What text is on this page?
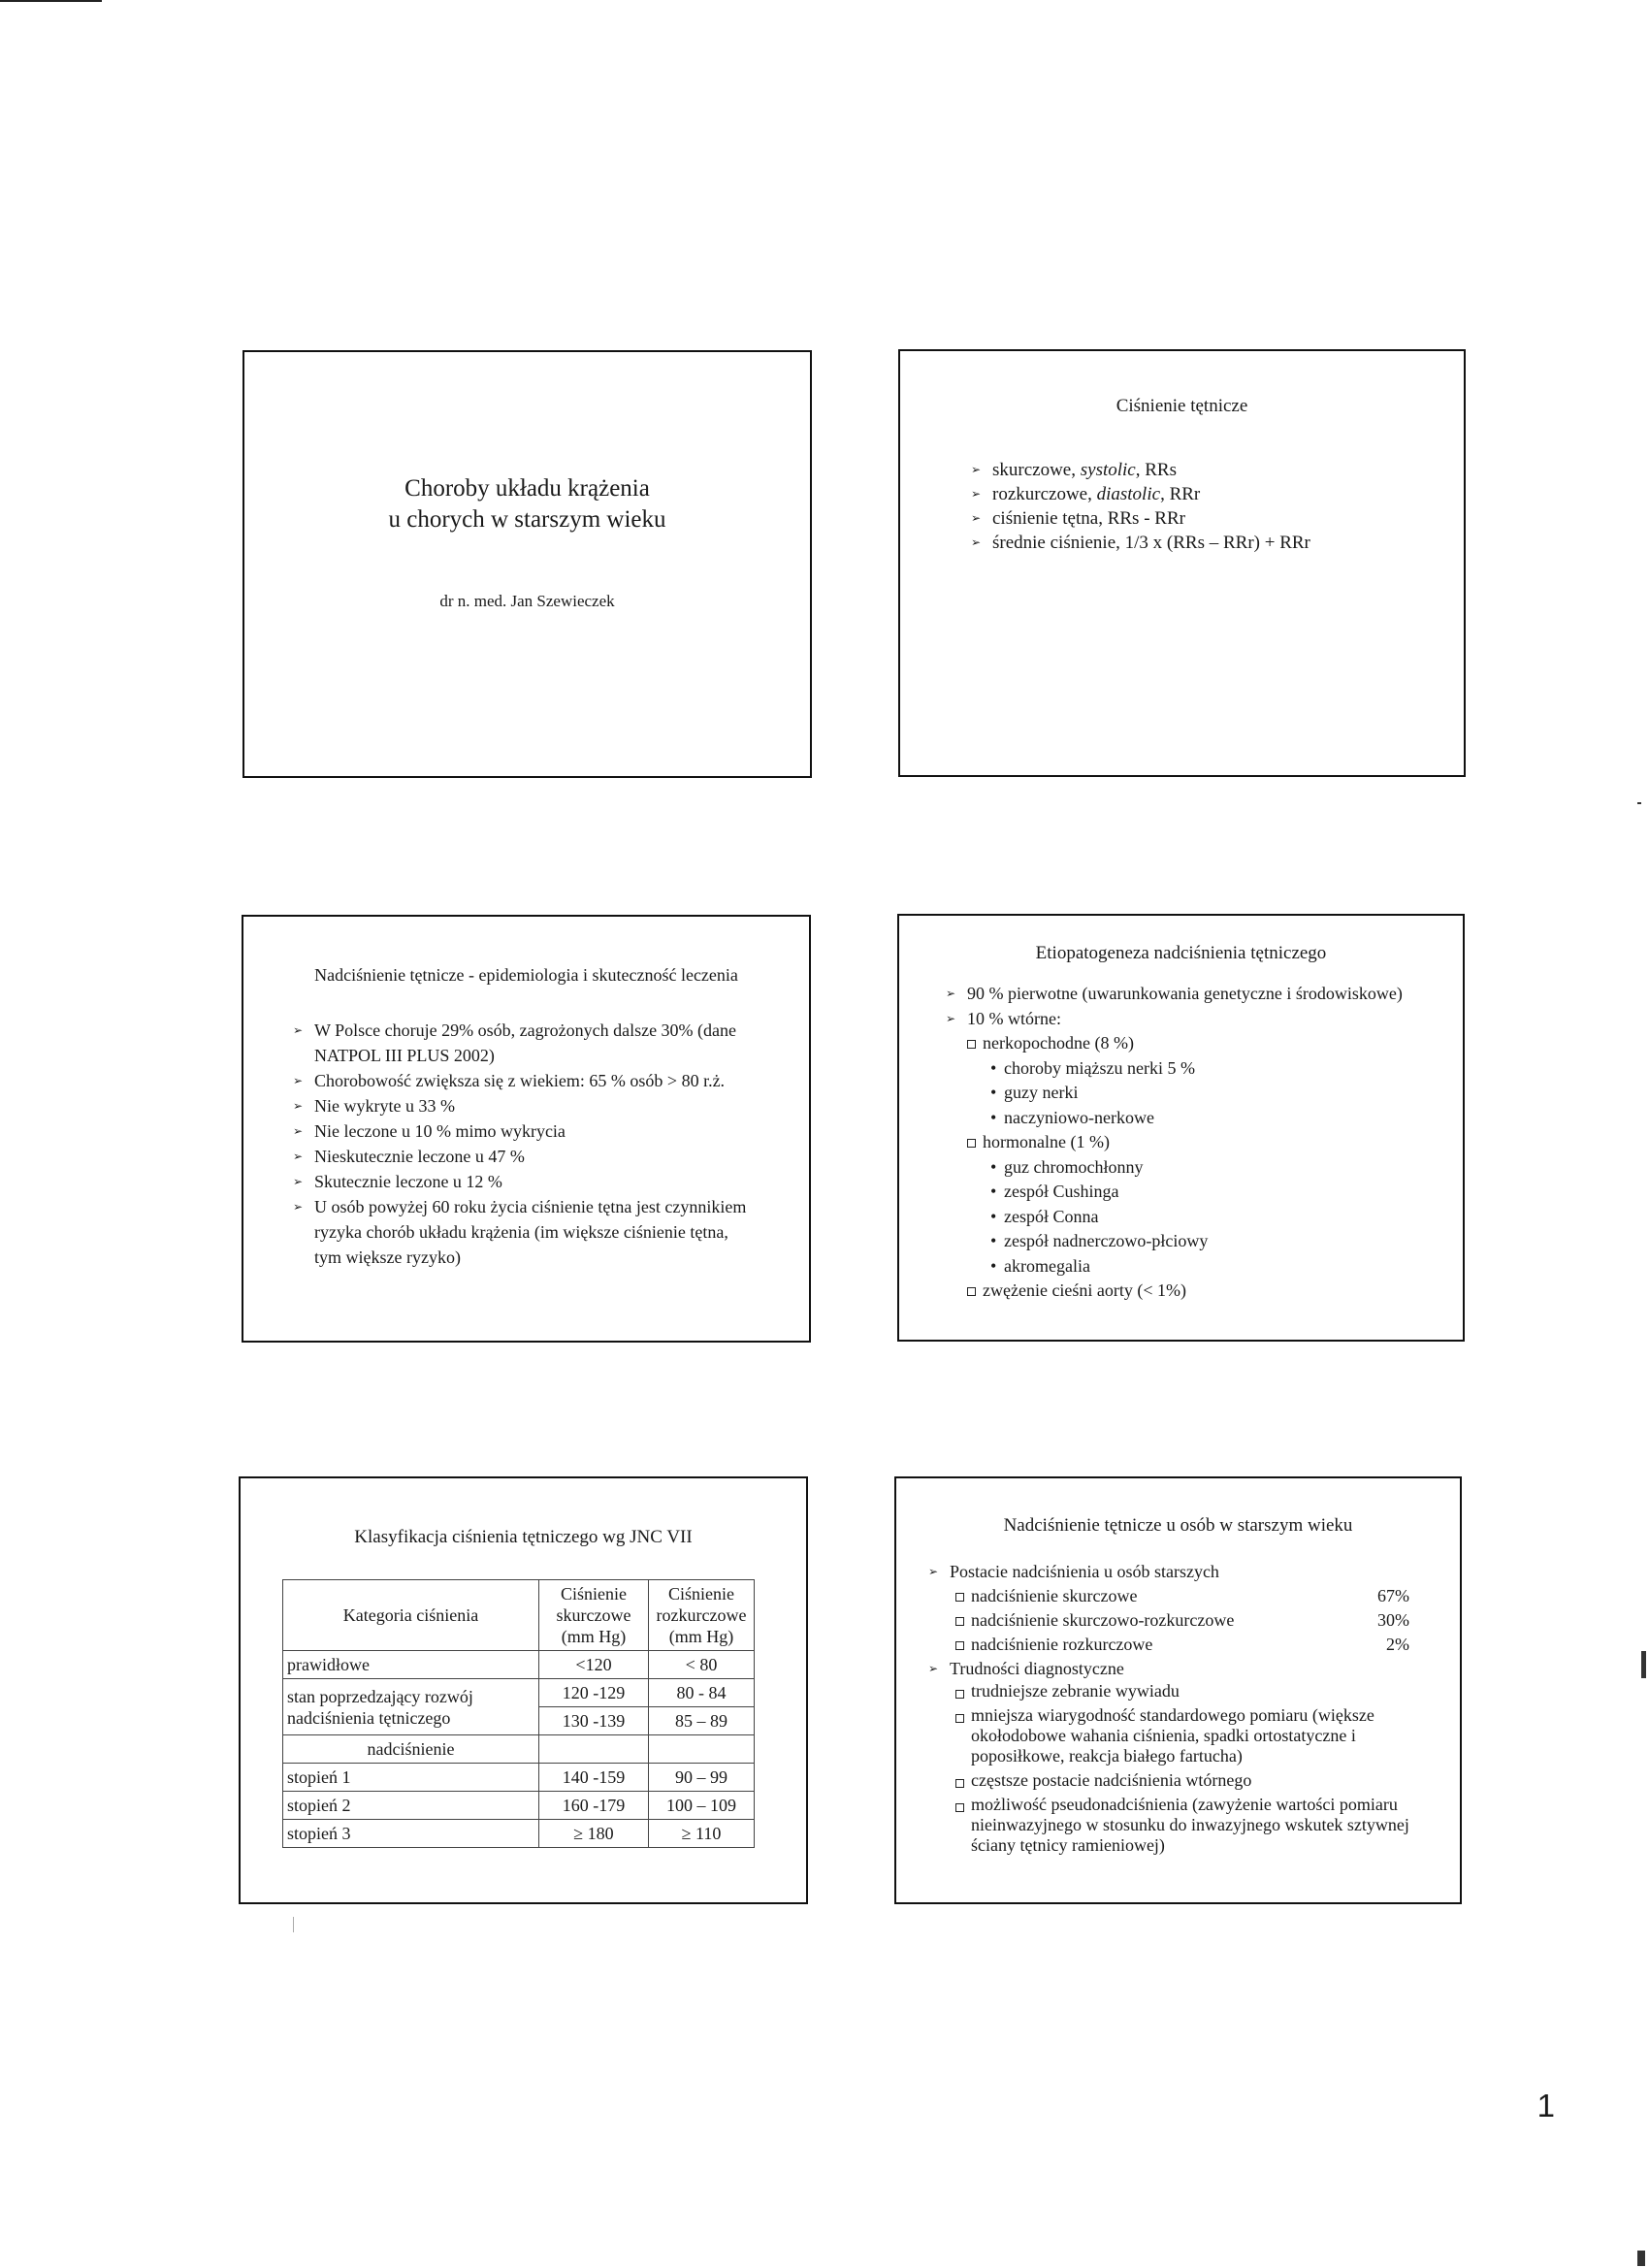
Choroby układu krążenia
u chorych w starszym wieku
dr n. med. Jan Szewieczek
Ciśnienie tętnicze
➢ skurczowe, systolic, RRs
➢ rozkurczowe, diastolic, RRr
➢ ciśnienie tętna, RRs - RRr
➢ średnie ciśnienie, 1/3 x (RRs – RRr) + RRr
Nadciśnienie tętnicze - epidemiologia i skuteczność leczenia
➢ W Polsce choruje 29% osób, zagrożonych dalsze 30% (dane NATPOL III PLUS 2002)
➢ Chorobowość zwiększa się z wiekiem: 65 % osób > 80 r.ż.
➢ Nie wykryte u 33 %
➢ Nie leczone u 10 % mimo wykrycia
➢ Nieskutecznie leczone u 47 %
➢ Skutecznie leczone u 12 %
➢ U osób powyżej 60 roku życia ciśnienie tętna jest czynnikiem ryzyka chorób układu krążenia (im większe ciśnienie tętna, tym większe ryzyko)
Etiopatogeneza nadciśnienia tętniczego
➢ 90 % pierwotne (uwarunkowania genetyczne i środowiskowe)
➢ 10 % wtórne:
nerkopochodne (8 %)
• choroby miąższu nerki 5 %
• guzy nerki
• naczyniowo-nerkowe
hormonalne (1 %)
• guz chromochłonny
• zespół Cushinga
• zespół Conna
• zespół nadnerczowo-płciowy
• akromegalia
zwężenie cieśni aorty (< 1%)
Klasyfikacja ciśnienia tętniczego wg JNC VII
Kategoria ciśnienia	Ciśnienie skurczowe (mm Hg)	Ciśnienie rozkurczowe (mm Hg)
prawidłowe	<120	< 80
stan poprzedzający rozwój nadciśnienia tętniczego	120 -129	80 - 84
	130 -139	85 – 89
nadciśnienie		
stopień 1	140 -159	90 – 99
stopień 2	160 -179	100 – 109
stopień 3	≥ 180	≥ 110
Nadciśnienie tętnicze u osób w starszym wieku
➢ Postacie nadciśnienia u osób starszych
nadciśnienie skurczowe	67%
nadciśnienie skurczowo-rozkurczowe	30%
nadciśnienie rozkurczowe	2%
➢ Trudności diagnostyczne
trudniejsze zebranie wywiadu
mniejsza wiarygodność standardowego pomiaru (większe okołodobowe wahania ciśnienia, spadki ortostatyczne i poposiłkowe, reakcja białego fartucha)
częstsze postacie nadciśnienia wtórnego
możliwość pseudonadciśnienia (zawyżenie wartości pomiaru nieinwazyjnego w stosunku do inwazyjnego wskutek sztywnej ściany tętnicy ramieniowej)
1
